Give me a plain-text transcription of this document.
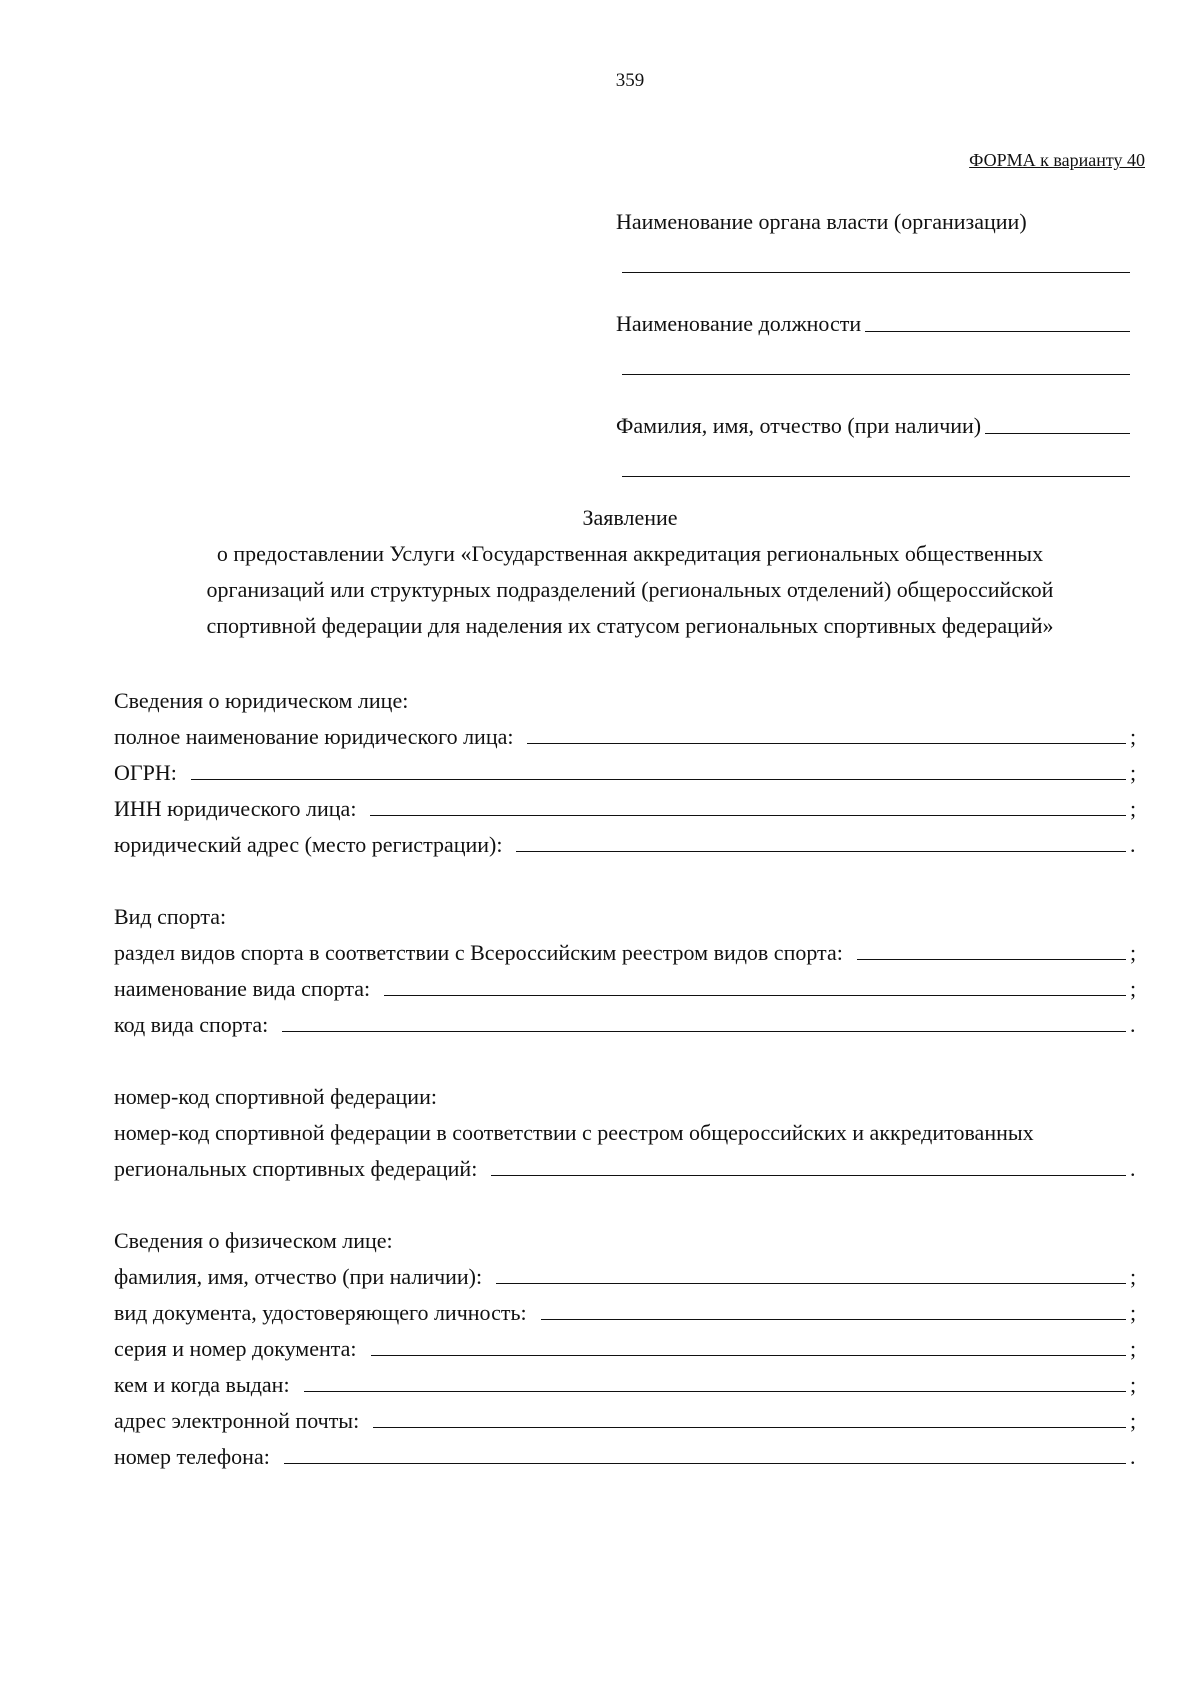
359
ФОРМА к варианту 40
Наименование органа власти (организации)
Наименование должности
Фамилия, имя, отчество (при наличии)
Заявление
о предоставлении Услуги «Государственная аккредитация региональных общественных
организаций или структурных подразделений (региональных отделений) общероссийской
спортивной федерации для наделения их статусом региональных спортивных федераций»
Сведения о юридическом лице:
полное наименование юридического лица:	;
ОГРН:	;
ИНН юридического лица:	;
юридический адрес (место регистрации):	.
Вид спорта:
раздел видов спорта в соответствии с Всероссийским реестром видов спорта:	;
наименование вида спорта:	;
код вида спорта:	.
номер-код спортивной федерации:
номер-код спортивной федерации в соответствии с реестром общероссийских и аккредитованных
региональных спортивных федераций:	.
Сведения о физическом лице:
фамилия, имя, отчество (при наличии):	;
вид документа, удостоверяющего личность:	;
серия и номер документа:	;
кем и когда выдан:	;
адрес электронной почты:	;
номер телефона:	.
